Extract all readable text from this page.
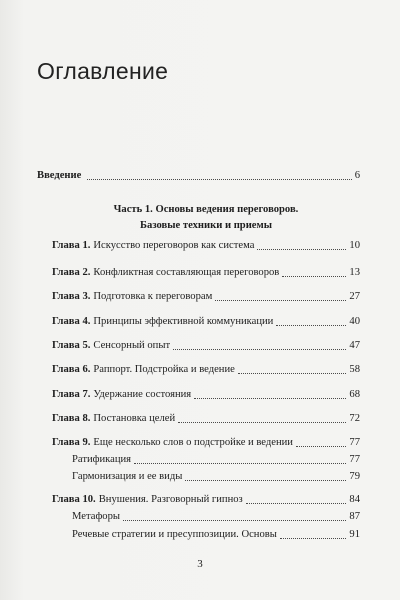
Оглавление
Введение	6
Часть 1. Основы ведения переговоров.
Базовые техники и приемы
Глава 1. Искусство переговоров как система	10
Глава 2. Конфликтная составляющая переговоров	13
Глава 3. Подготовка к переговорам	27
Глава 4. Принципы эффективной коммуникации	40
Глава 5. Сенсорный опыт	47
Глава 6. Раппорт. Подстройка и ведение	58
Глава 7. Удержание состояния	68
Глава 8. Постановка целей	72
Глава 9. Еще несколько слов о подстройке и ведении	77
Ратификация	77
Гармонизация и ее виды	79
Глава 10. Внушения. Разговорный гипноз	84
Метафоры	87
Речевые стратегии и пресуппозиции. Основы	91
3
